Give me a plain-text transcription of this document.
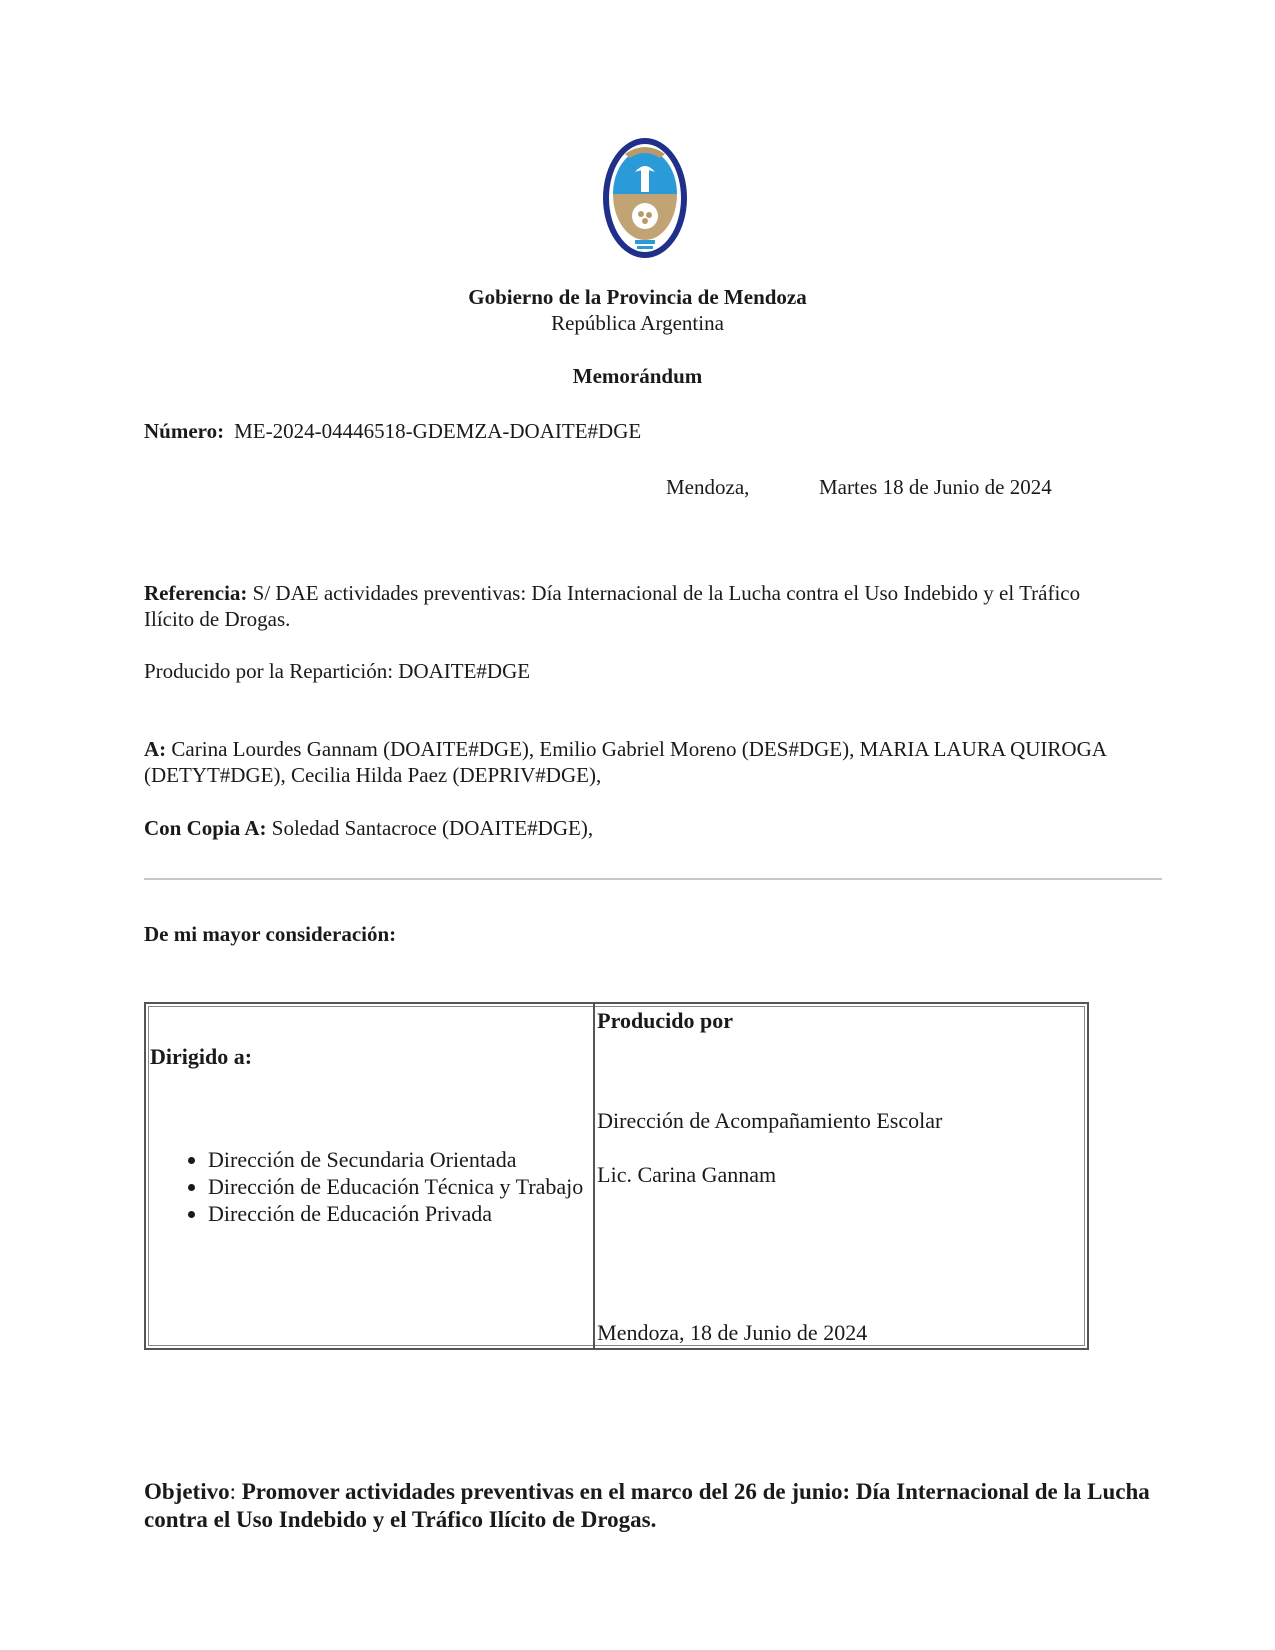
Gobierno de la Provincia de Mendoza
República Argentina
Memorándum
Número: ME-2024-04446518-GDEMZA-DOAITE#DGE
Mendoza,	Martes 18 de Junio de 2024
Referencia: S/ DAE actividades preventivas: Día Internacional de la Lucha contra el Uso Indebido y el Tráfico Ilícito de Drogas.
Producido por la Repartición: DOAITE#DGE
A: Carina Lourdes Gannam (DOAITE#DGE), Emilio Gabriel Moreno (DES#DGE), MARIA LAURA QUIROGA (DETYT#DGE), Cecilia Hilda Paez (DEPRIV#DGE),
Con Copia A: Soledad Santacroce (DOAITE#DGE),
De mi mayor consideración:
Dirigido a:
• Dirección de Secundaria Orientada
• Dirección de Educación Técnica y Trabajo
• Dirección de Educación Privada

Producido por
Dirección de Acompañamiento Escolar
Lic. Carina Gannam
Mendoza, 18 de Junio de 2024
Objetivo: Promover actividades preventivas en el marco del 26 de junio: Día Internacional de la Lucha contra el Uso Indebido y el Tráfico Ilícito de Drogas.
